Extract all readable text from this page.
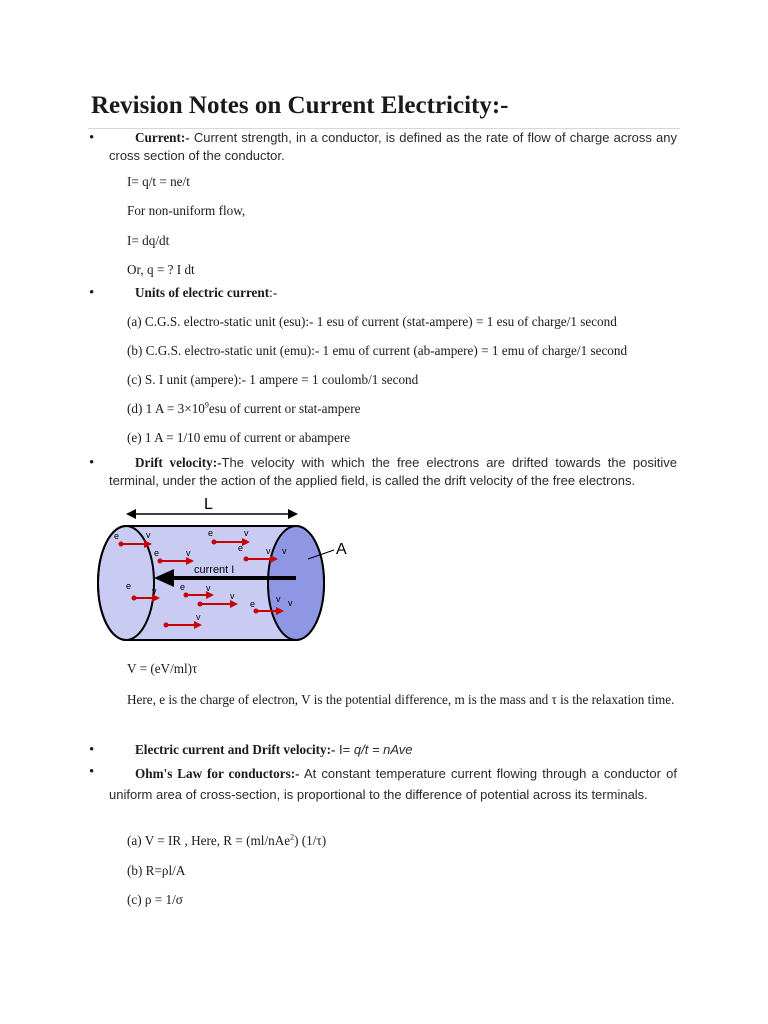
Revision Notes on Current Electricity:-
•	Current:- Current strength, in a conductor, is defined as the rate of flow of charge across any cross section of the conductor.
I= q/t = ne/t
For non-uniform flow,
I= dq/dt
Or, q = ? I dt
•	Units of electric current:-
(a) C.G.S. electro-static unit (esu):- 1 esu of current (stat-ampere) = 1 esu of charge/1 second
(b) C.G.S. electro-static unit (emu):- 1 emu of current (ab-ampere) = 1 emu of charge/1 second
(c) S. I unit (ampere):- 1 ampere = 1 coulomb/1 second
(d) 1 $A = 3\times 10^9esu$ of current or stat-ampere
(e) 1 A = 1/10 emu of current or abampere
•	Drift velocity:-The velocity with which the free electrons are drifted towards the positive terminal, under the action of the applied field, is called the drift velocity of the free electrons.
L
A
current I
e	v	e	v
e	v	e	v v
e v	e v
v
e v v
v
V = (eV/ml)τ
Here, e is the charge of electron, V is the potential difference, m is the mass and τ is the relaxation time.
•	Electric current and Drift velocity:- I= q/t = nAve
•	Ohm's Law for conductors:- At constant temperature current flowing through a conductor of uniform area of cross-section, is proportional to the difference of potential across its terminals.
(a) V = IR , Here, R = (ml/nAe$^2$) (1/τ)
(b) R=ρl/A
(c) ρ = 1/σ
